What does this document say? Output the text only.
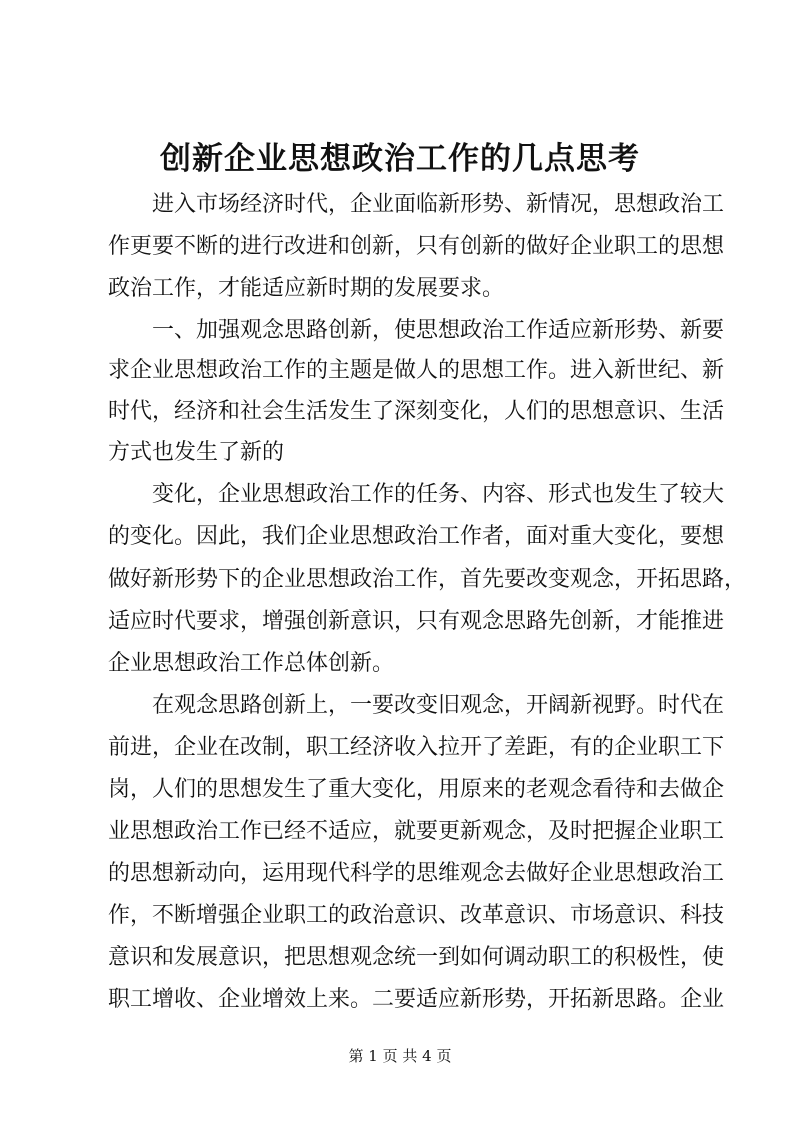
创新企业思想政治工作的几点思考
进入市场经济时代，企业面临新形势、新情况，思想政治工
作更要不断的进行改进和创新，只有创新的做好企业职工的思想
政治工作，才能适应新时期的发展要求。
一、加强观念思路创新，使思想政治工作适应新形势、新要
求企业思想政治工作的主题是做人的思想工作。进入新世纪、新
时代，经济和社会生活发生了深刻变化，人们的思想意识、生活
方式也发生了新的
变化，企业思想政治工作的任务、内容、形式也发生了较大
的变化。因此，我们企业思想政治工作者，面对重大变化，要想
做好新形势下的企业思想政治工作，首先要改变观念，开拓思路，
适应时代要求，增强创新意识，只有观念思路先创新，才能推进
企业思想政治工作总体创新。
在观念思路创新上，一要改变旧观念，开阔新视野。时代在
前进，企业在改制，职工经济收入拉开了差距，有的企业职工下
岗，人们的思想发生了重大变化，用原来的老观念看待和去做企
业思想政治工作已经不适应，就要更新观念，及时把握企业职工
的思想新动向，运用现代科学的思维观念去做好企业思想政治工
作，不断增强企业职工的政治意识、改革意识、市场意识、科技
意识和发展意识，把思想观念统一到如何调动职工的积极性，使
职工增收、企业增效上来。二要适应新形势，开拓新思路。企业
第 1 页 共 4 页
